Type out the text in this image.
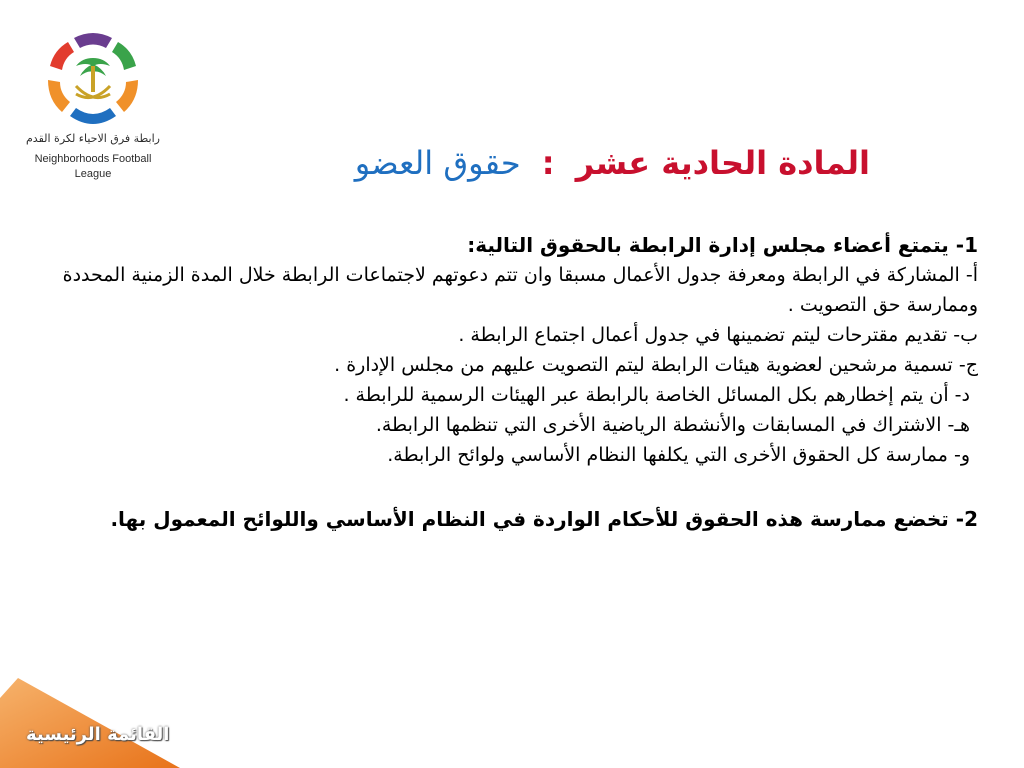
رابطة فرق الاحياء لكرة القدم
Neighborhoods Football
League	المادة الحادية عشر : حقوق العضو
1- يتمتع أعضاء مجلس إدارة الرابطة بالحقوق التالية:
أ- المشاركة في الرابطة ومعرفة جدول الأعمال مسبقا وان تتم دعوتهم لاجتماعات الرابطة خلال المدة الزمنية المحددة وممارسة حق التصويت .
ب- تقديم مقترحات ليتم تضمينها في جدول أعمال اجتماع الرابطة .
ج- تسمية مرشحين لعضوية هيئات الرابطة ليتم التصويت عليهم من مجلس الإدارة .
د- أن يتم إخطارهم بكل المسائل الخاصة بالرابطة عبر الهيئات الرسمية للرابطة .
هـ- الاشتراك في المسابقات والأنشطة الرياضية الأخرى التي تنظمها الرابطة.
و- ممارسة كل الحقوق الأخرى التي يكلفها النظام الأساسي ولوائح الرابطة.
2- تخضع ممارسة هذه الحقوق للأحكام الواردة في النظام الأساسي واللوائح المعمول بها.
القائمة الرئيسية
